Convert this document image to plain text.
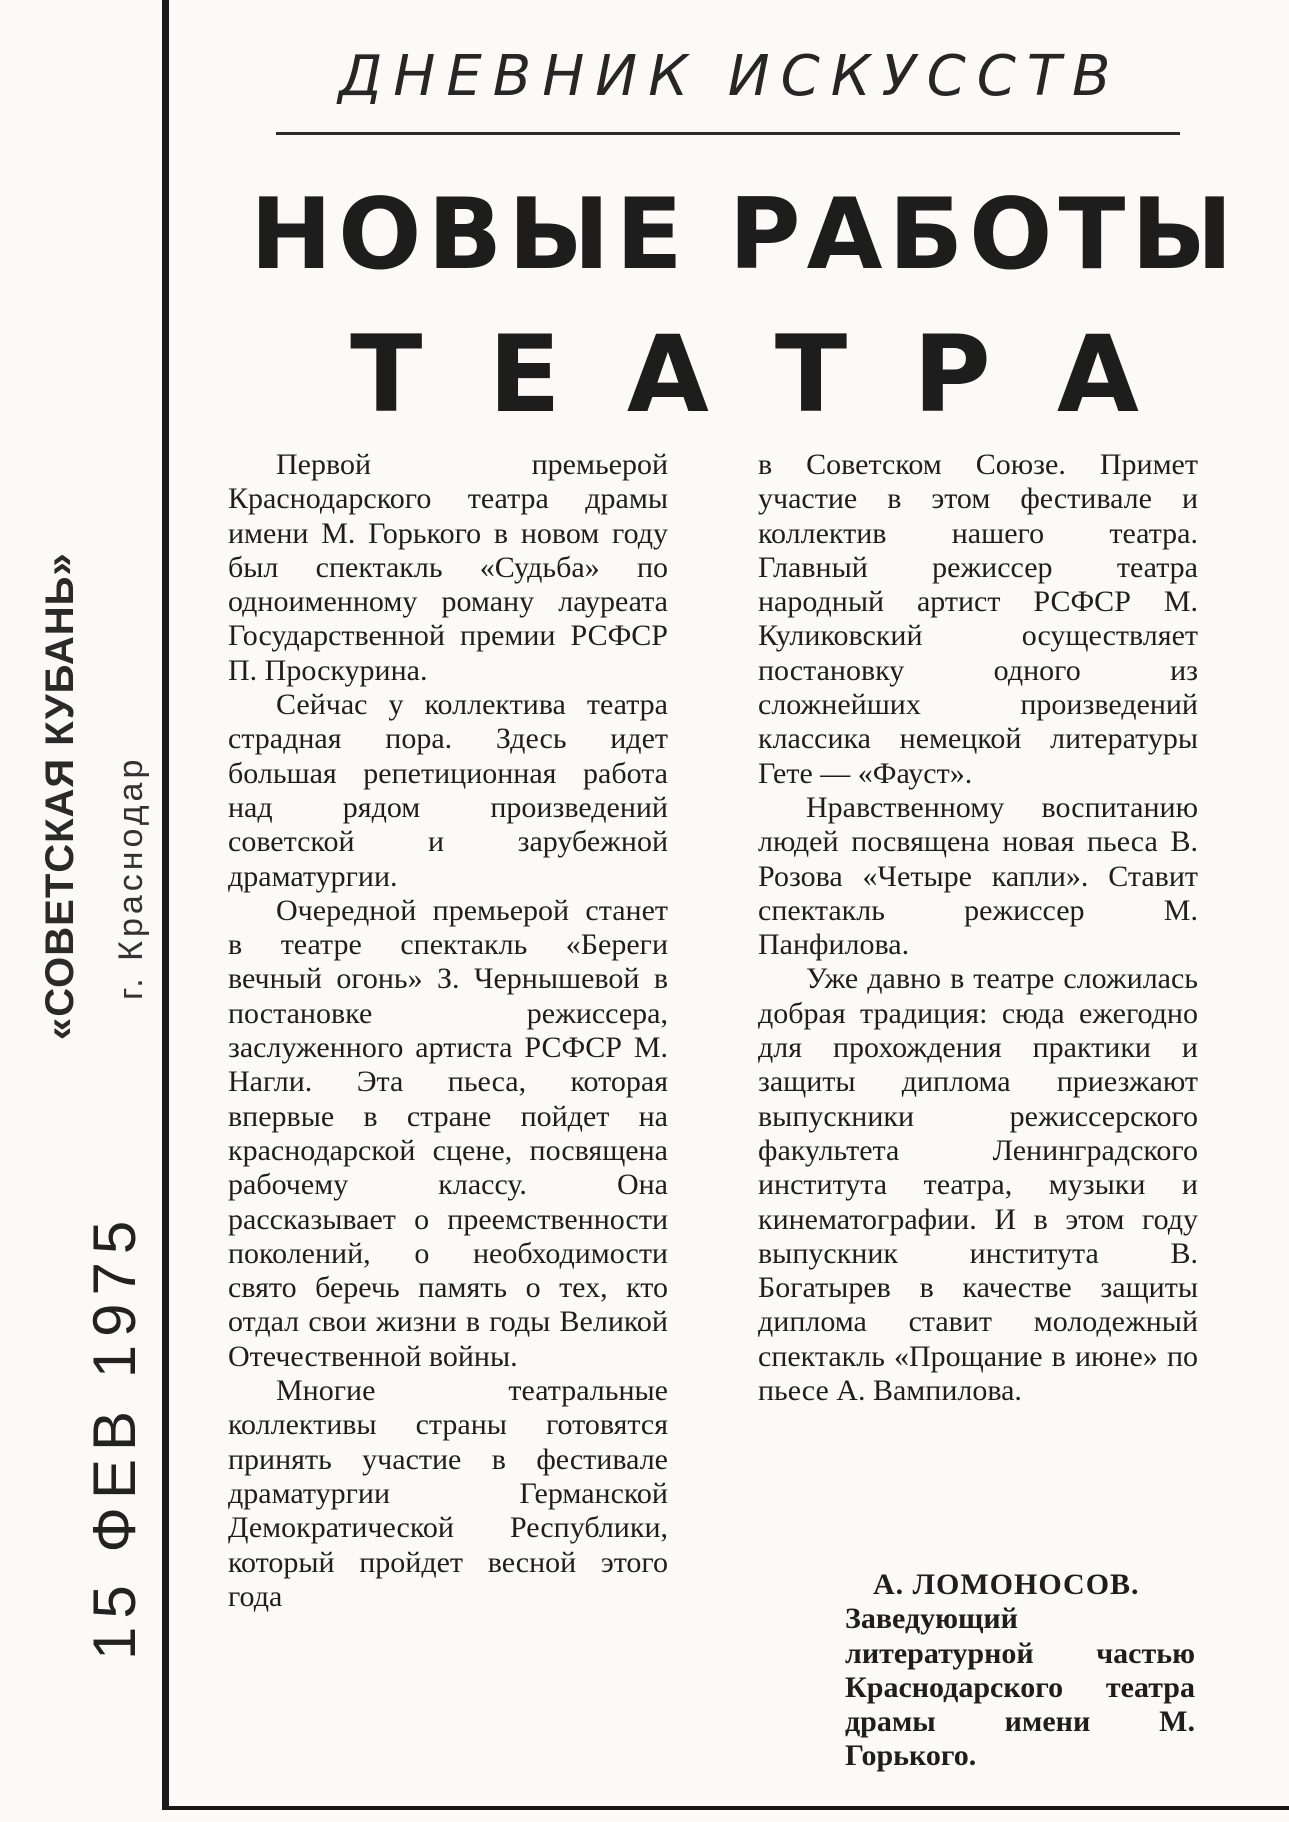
«СОВЕТСКАЯ КУБАНЬ» г. Краснодар
15 ФЕВ 1975
ДНЕВНИК ИСКУССТВ
НОВЫЕ РАБОТЫ
ТЕАТРА

Первой премьерой Краснодарского театра драмы имени М. Горького в новом году был спектакль «Судьба» по одноименному роману лауреата Государственной премии РСФСР П. Проскурина.

Сейчас у коллектива театра страдная пора. Здесь идет большая репетиционная работа над рядом произведений советской и зарубежной драматургии.

Очередной премьерой станет в театре спектакль «Береги вечный огонь» З. Чернышевой в постановке режиссера, заслуженного артиста РСФСР М. Нагли. Эта пьеса, которая впервые в стране пойдет на краснодарской сцене, посвящена рабочему классу. Она рассказывает о преемственности поколений, о необходимости свято беречь память о тех, кто отдал свои жизни в годы Великой Отечественной войны.

Многие театральные коллективы страны готовятся принять участие в фестивале драматургии Германской Демократической Республики, который пройдет весной этого года

в Советском Союзе. Примет участие в этом фестивале и коллектив нашего театра. Главный режиссер театра народный артист РСФСР М. Куликовский осуществляет постановку одного из сложнейших произведений классика немецкой литературы Гете — «Фауст».

Нравственному воспитанию людей посвящена новая пьеса В. Розова «Четыре капли». Ставит спектакль режиссер М. Панфилова.

Уже давно в театре сложилась добрая традиция: сюда ежегодно для прохождения практики и защиты диплома приезжают выпускники режиссерского факультета Ленинградского института театра, музыки и кинематографии. И в этом году выпускник института В. Богатырев в качестве защиты диплома ставит молодежный спектакль «Прощание в июне» по пьесе А. Вампилова.

А. ЛОМОНОСОВ.

Заведующий литературной частью Краснодарского театра драмы имени М. Горького.
